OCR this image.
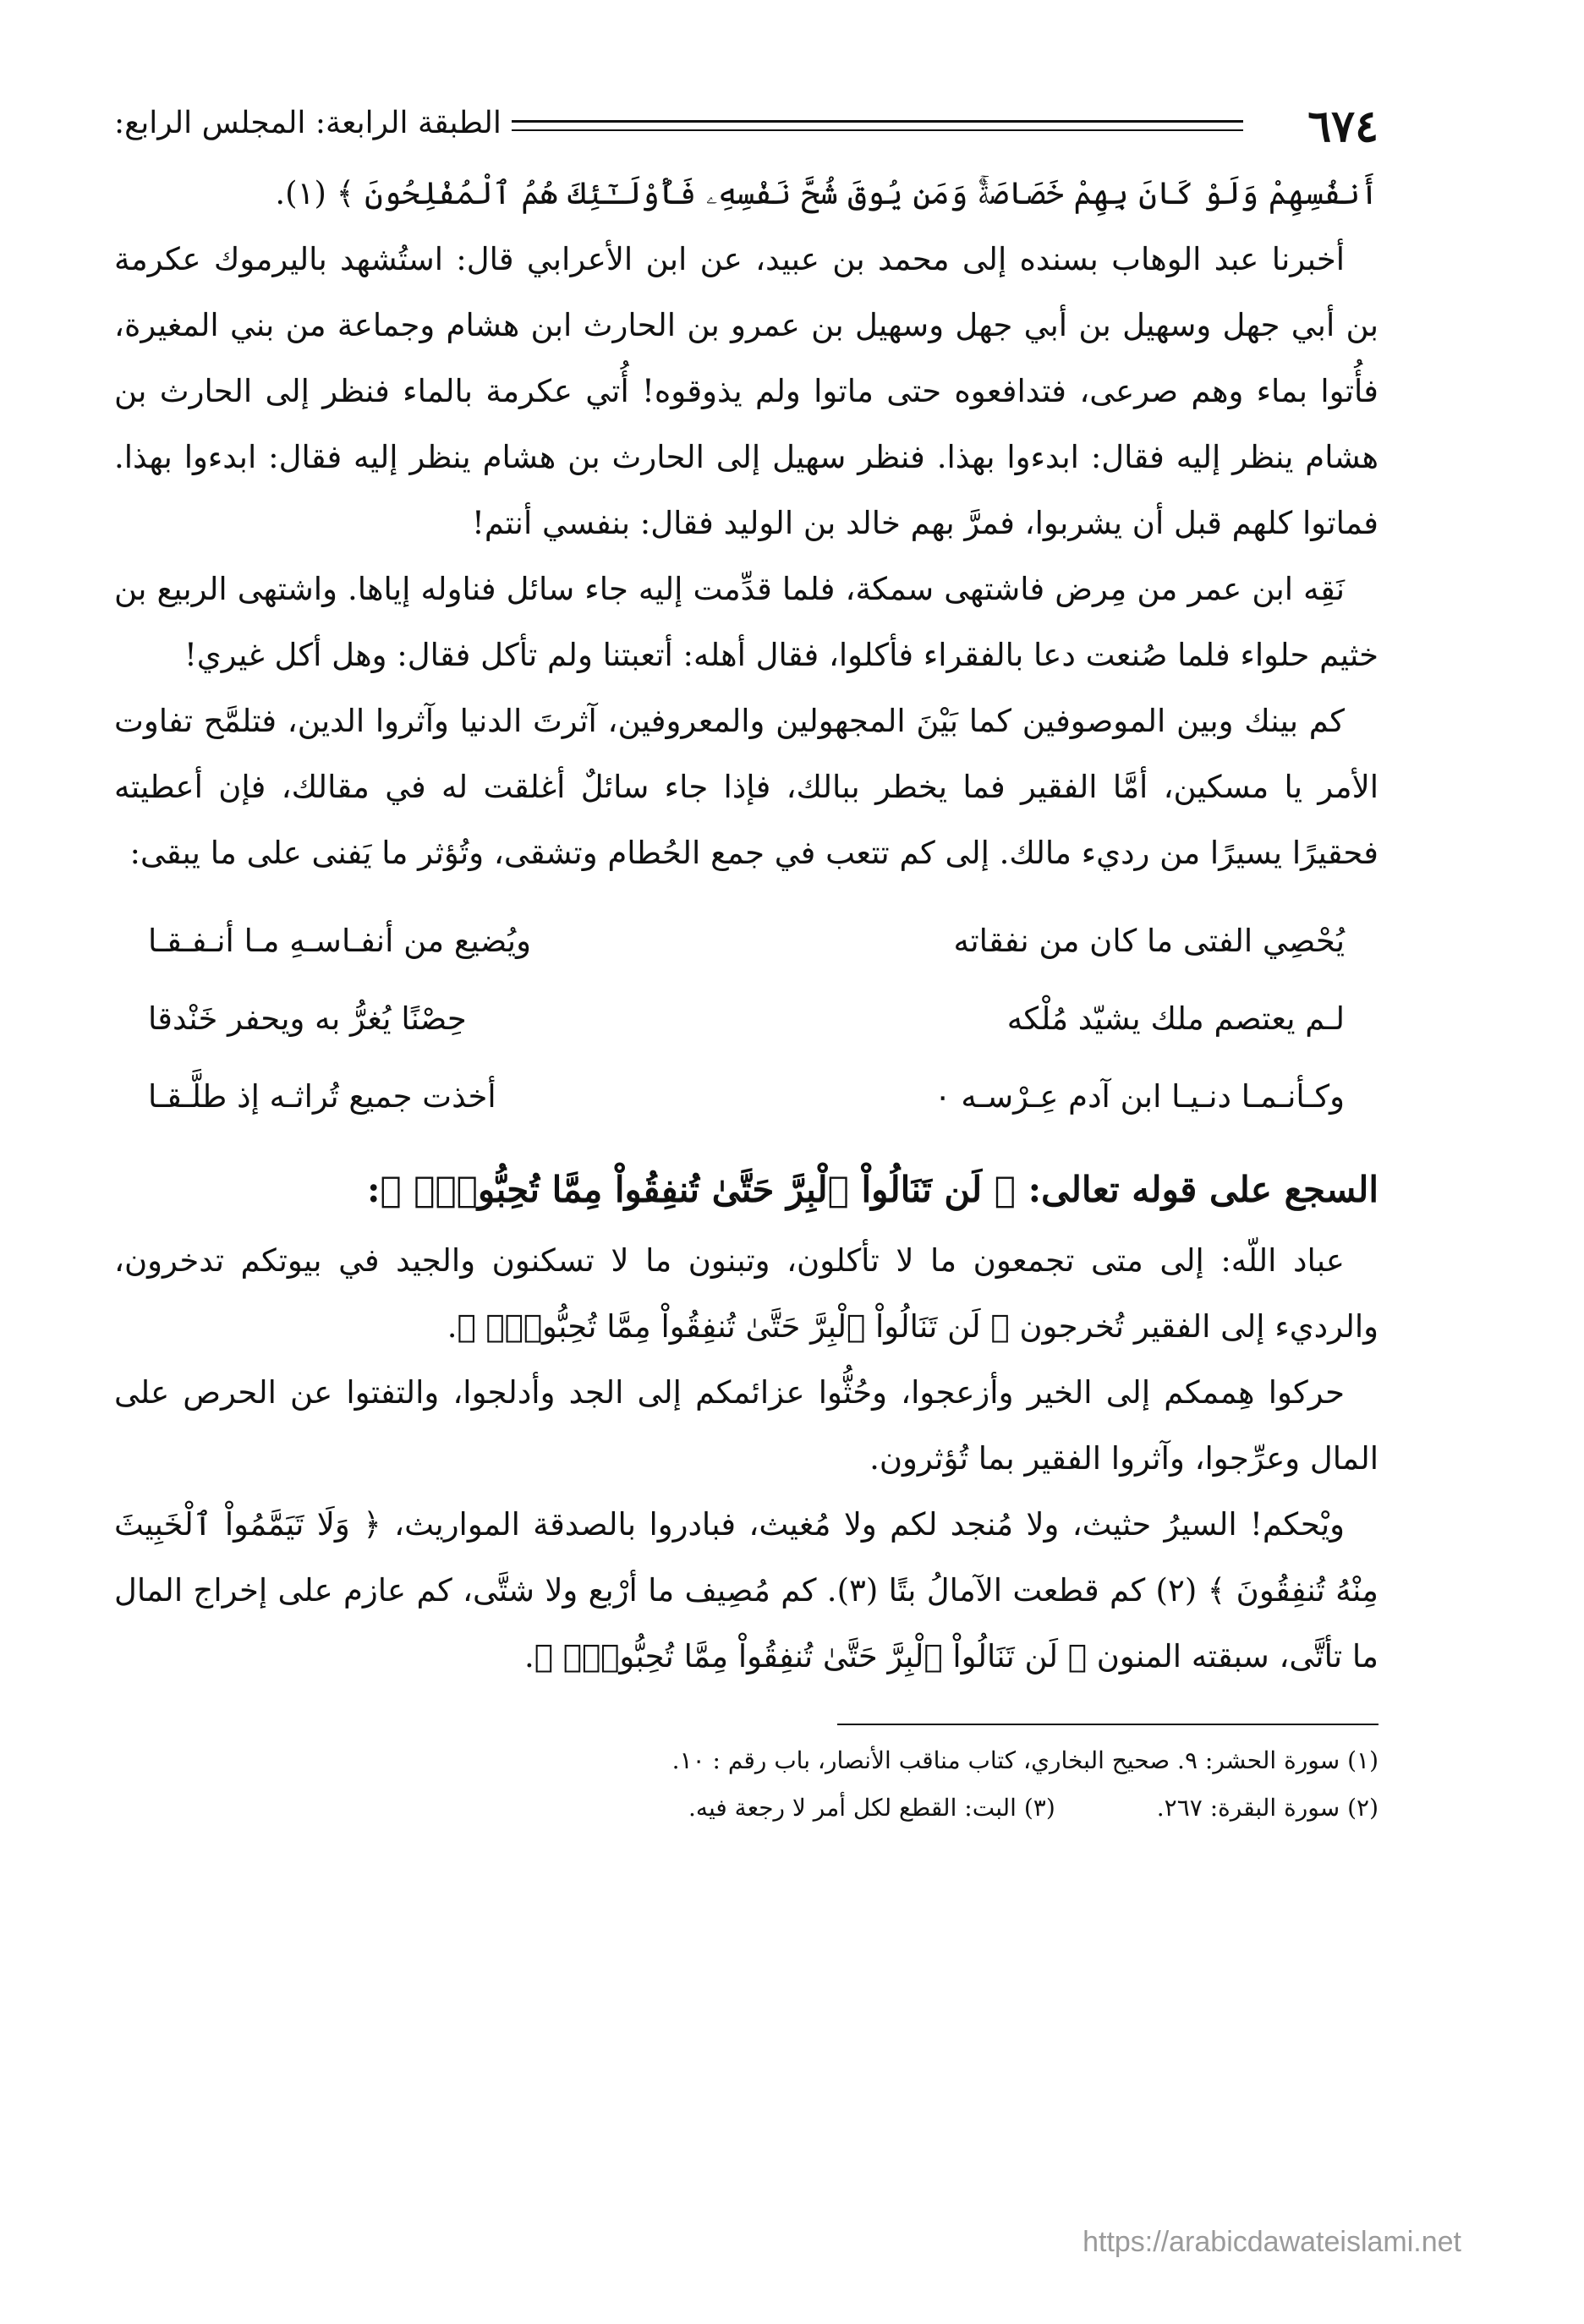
٦٧٤
الطبقة الرابعة: المجلس الرابع:

أَنفُسِهِمْ وَلَوْ كَانَ بِهِمْ خَصَاصَةٌۚ وَمَن يُوقَ شُحَّ نَفْسِهِۦ فَأُوْلَـٰٓئِكَ هُمُ ٱلْمُفْلِحُونَ ﴾ (١).

أخبرنا عبد الوهاب بسنده إلى محمد بن عبيد، عن ابن الأعرابي قال: استُشهد باليرموك عكرمة بن أبي جهل وسهيل بن أبي جهل وسهيل بن عمرو بن الحارث ابن هشام وجماعة من بني المغيرة، فأُتوا بماء وهم صرعى، فتدافعوه حتى ماتوا ولم يذوقوه! أُتي عكرمة بالماء فنظر إلى الحارث بن هشام ينظر إليه فقال: ابدءوا بهذا. فنظر سهيل إلى الحارث بن هشام ينظر إليه فقال: ابدءوا بهذا. فماتوا كلهم قبل أن يشربوا، فمرَّ بهم خالد بن الوليد فقال: بنفسي أنتم!

نَقِه ابن عمر من مِرض فاشتهى سمكة، فلما قدِّمت إليه جاء سائل فناوله إياها. واشتهى الربيع بن خثيم حلواء فلما صُنعت دعا بالفقراء فأكلوا، فقال أهله: أتعبتنا ولم تأكل فقال: وهل أكل غيري!

كم بينك وبين الموصوفين كما بَيْنَ المجهولين والمعروفين، آثرتَ الدنيا وآثروا الدين، فتلمَّح تفاوت الأمر يا مسكين، أمَّا الفقير فما يخطر ببالك، فإذا جاء سائلٌ أغلقت له في مقالك، فإن أعطيته فحقيرًا يسيرًا من رديء مالك. إلى كم تتعب في جمع الحُطام وتشقى، وتُؤثر ما يَفنى على ما يبقى:

يُحْصِي الفتى ما كان من نفقاته
ويُضيع من أنفـاسـهِ مـا أنـفـقـا
لـم يعتصم ملك يشيّد مُلْكه
حِصْنًا يُغرُّ به ويحفر خَنْدقا
وكـأنـمـا دنـيـا ابن آدم عِـرْسـه ٠
أخذت جميع تُراثـه إذ طلَّـقـا
السجع على قوله تعالى: ﴿ لَن تَنَالُواْ ٱلْبِرَّ حَتَّىٰ تُنفِقُواْ مِمَّا تُحِبُّونَۚ ﴾:

عباد اللّه: إلى متى تجمعون ما لا تأكلون، وتبنون ما لا تسكنون والجيد في بيوتكم تدخرون، والرديء إلى الفقير تُخرجون ﴿ لَن تَنَالُواْ ٱلْبِرَّ حَتَّىٰ تُنفِقُواْ مِمَّا تُحِبُّونَۚ ﴾.

حركوا هِممكم إلى الخير وأزعجوا، وحُثُّوا عزائمكم إلى الجد وأدلجوا، والتفتوا عن الحرص على المال وعرِّجوا، وآثروا الفقير بما تُؤثرون.

ويْحكم! السيرُ حثيث، ولا مُنجد لكم ولا مُغيث، فبادروا بالصدقة المواريث، ﴿ وَلَا تَيَمَّمُواْ ٱلْخَبِيثَ مِنْهُ تُنفِقُونَ ﴾ (٢) كم قطعت الآمالُ بتًا (٣). كم مُصِيف ما أرْبع ولا شتَّى، كم عازم على إخراج المال ما تأتَّى، سبقته المنون ﴿ لَن تَنَالُواْ ٱلْبِرَّ حَتَّىٰ تُنفِقُواْ مِمَّا تُحِبُّونَۚ ﴾.

(١) سورة الحشر: ٩. صحيح البخاري، كتاب مناقب الأنصار، باب رقم : ١٠.
(٢) سورة البقرة: ٢٦٧.
(٣) البت: القطع لكل أمر لا رجعة فيه.
https://arabicdawateislami.net
